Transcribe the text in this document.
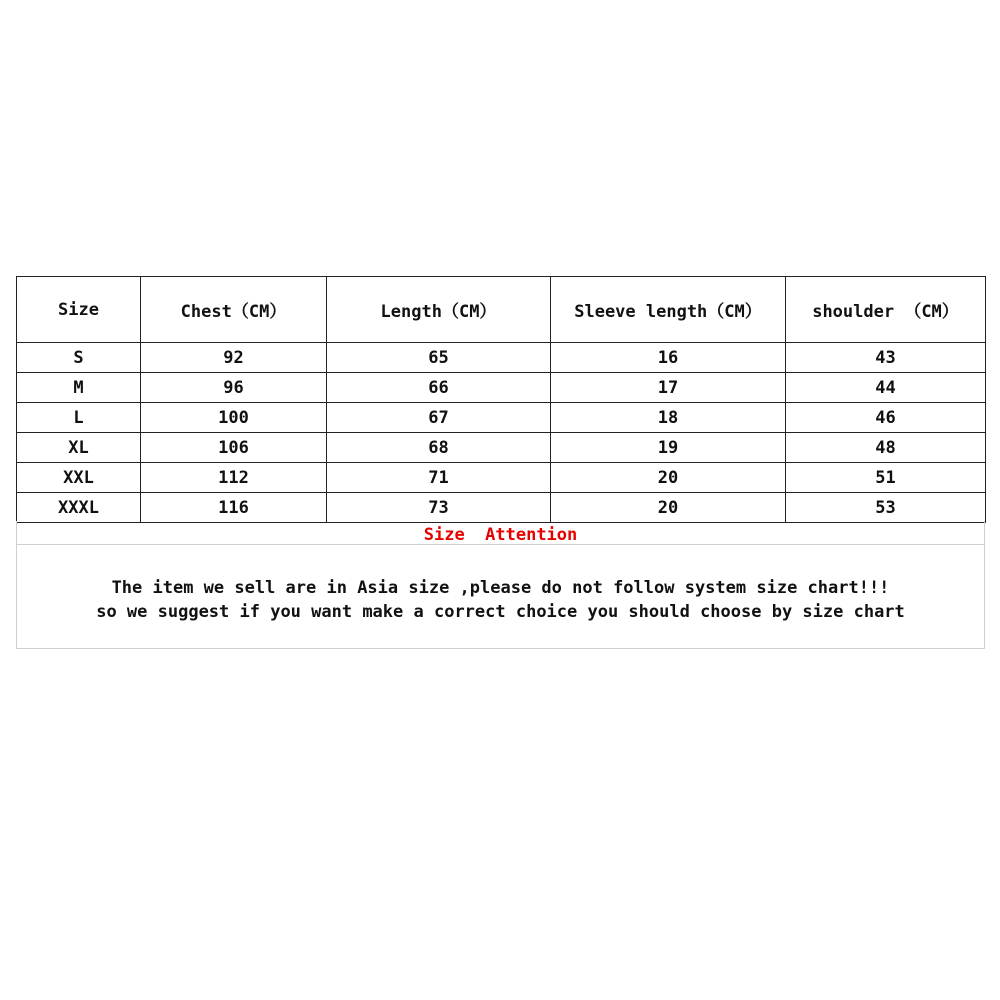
Size	Chest（CM）	Length（CM）	Sleeve length（CM）	shoulder （CM）
S	92	65	16	43
M	96	66	17	44
L	100	67	18	46
XL	106	68	19	48
XXL	112	71	20	51
XXXL	116	73	20	53
Size  Attention
The item we sell are in Asia size ,please do not follow system size chart!!!
so we suggest if you want make a correct choice you should choose by size chart
